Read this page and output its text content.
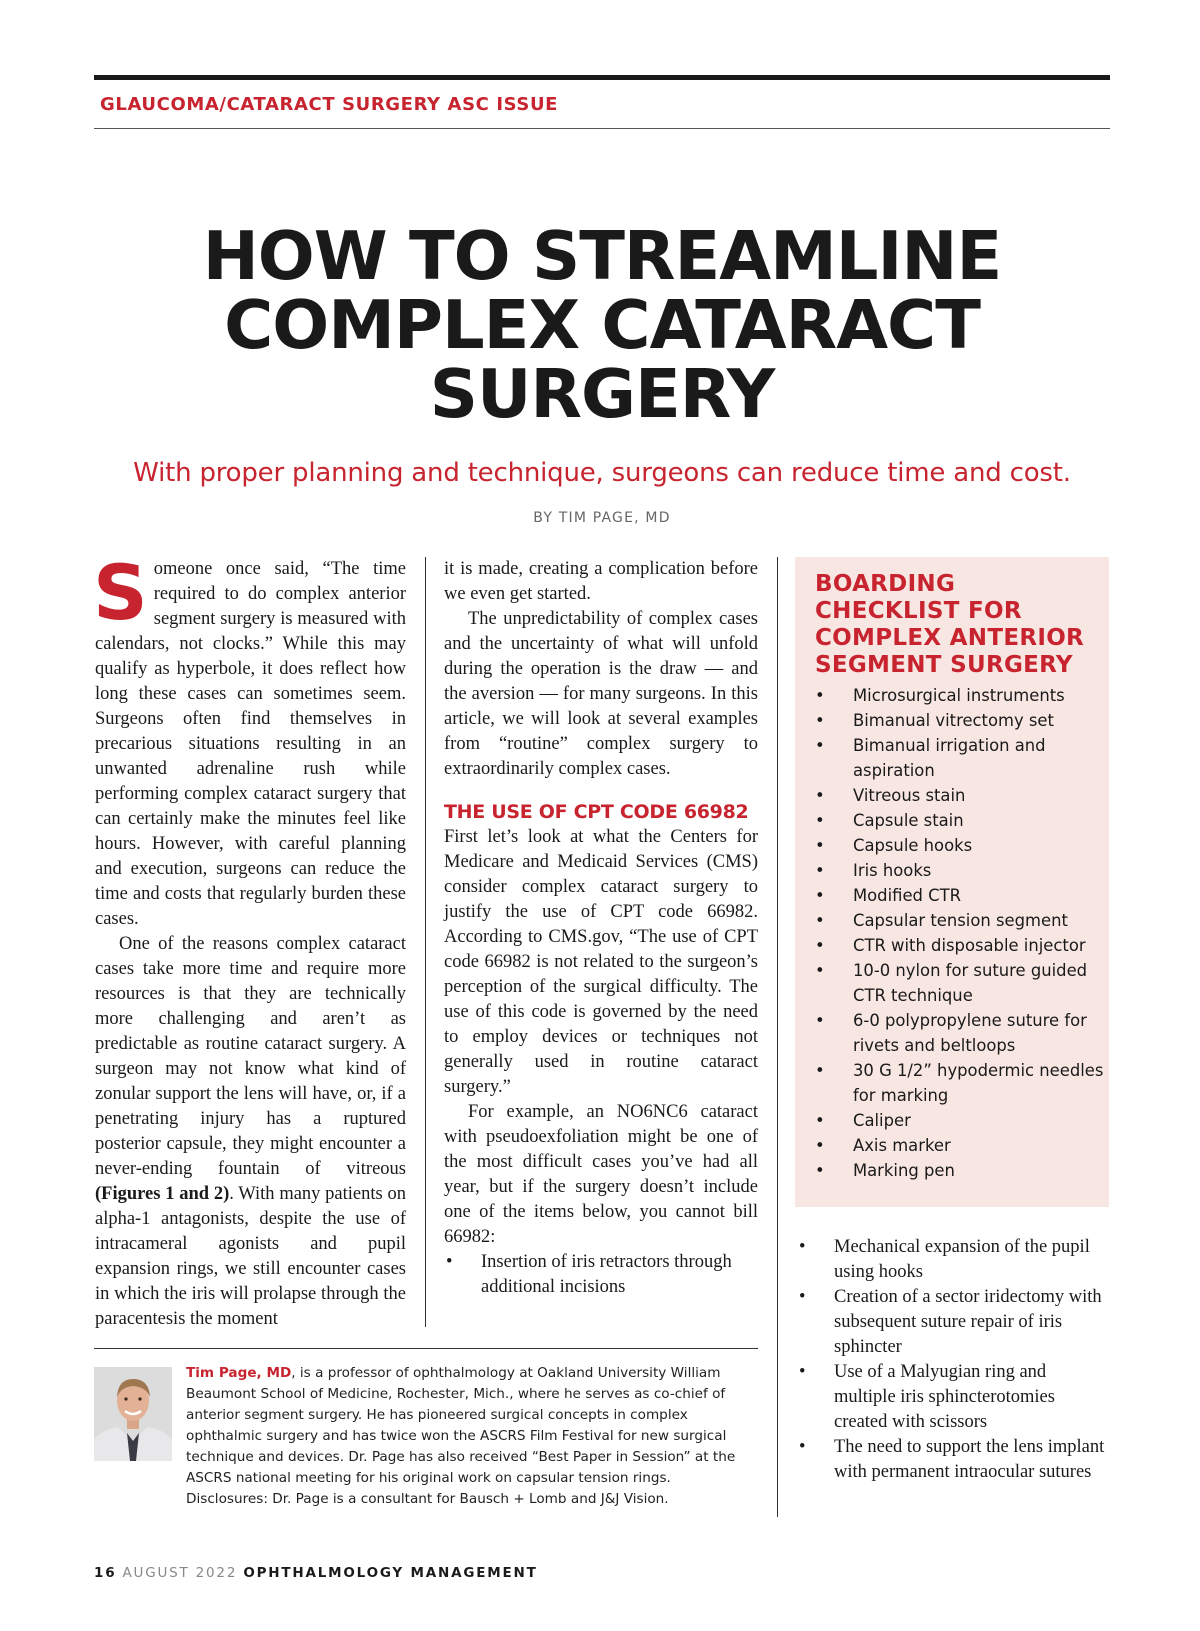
GLAUCOMA/CATARACT SURGERY ASC ISSUE
HOW TO STREAMLINE
COMPLEX CATARACT
SURGERY
With proper planning and technique, surgeons can reduce time and cost.
BY TIM PAGE, MD

Someone once said, “The time required to do complex anterior segment surgery is measured with calendars, not clocks.” While this may qualify as hyperbole, it does reflect how long these cases can sometimes seem. Surgeons often find themselves in precarious situations resulting in an unwanted adrenaline rush while performing complex cataract surgery that can certainly make the minutes feel like hours. However, with careful planning and execution, surgeons can reduce the time and costs that regularly burden these cases.

One of the reasons complex cataract cases take more time and require more resources is that they are technically more challenging and aren’t as predictable as routine cataract surgery. A surgeon may not know what kind of zonular support the lens will have, or, if a penetrating injury has a ruptured posterior capsule, they might encounter a never-ending fountain of vitreous (Figures 1 and 2). With many patients on alpha-1 antagonists, despite the use of intracameral agonists and pupil expansion rings, we still encounter cases in which the iris will prolapse through the paracentesis the moment

it is made, creating a complication before we even get started.

The unpredictability of complex cases and the uncertainty of what will unfold during the operation is the draw — and the aversion — for many surgeons. In this article, we will look at several examples from “routine” complex surgery to extraordinarily complex cases.

THE USE OF CPT CODE 66982

First let’s look at what the Centers for Medicare and Medicaid Services (CMS) consider complex cataract surgery to justify the use of CPT code 66982. According to CMS.gov, “The use of CPT code 66982 is not related to the surgeon’s perception of the surgical difficulty. The use of this code is governed by the need to employ devices or techniques not generally used in routine cataract surgery.”

For example, an NO6NC6 cataract with pseudoexfoliation might be one of the most difficult cases you’ve had all year, but if the surgery doesn’t include one of the items below, you cannot bill 66982:

• Insertion of iris retractors through additional incisions
BOARDING CHECKLIST FOR COMPLEX ANTERIOR SEGMENT SURGERY
• Microsurgical instruments
• Bimanual vitrectomy set
• Bimanual irrigation and aspiration
• Vitreous stain
• Capsule stain
• Capsule hooks
• Iris hooks
• Modified CTR
• Capsular tension segment
• CTR with disposable injector
• 10-0 nylon for suture guided CTR technique
• 6-0 polypropylene suture for rivets and beltloops
• 30 G 1/2” hypodermic needles for marking
• Caliper
• Axis marker
• Marking pen
• Mechanical expansion of the pupil using hooks
• Creation of a sector iridectomy with subsequent suture repair of iris sphincter
• Use of a Malyugian ring and multiple iris sphincterotomies created with scissors
• The need to support the lens implant with permanent intraocular sutures
Tim Page, MD, is a professor of ophthalmology at Oakland University William Beaumont School of Medicine, Rochester, Mich., where he serves as co-chief of anterior segment surgery. He has pioneered surgical concepts in complex ophthalmic surgery and has twice won the ASCRS Film Festival for new surgical technique and devices. Dr. Page has also received “Best Paper in Session” at the ASCRS national meeting for his original work on capsular tension rings.
Disclosures: Dr. Page is a consultant for Bausch + Lomb and J&J Vision.
16 AUGUST 2022 OPHTHALMOLOGY MANAGEMENT
